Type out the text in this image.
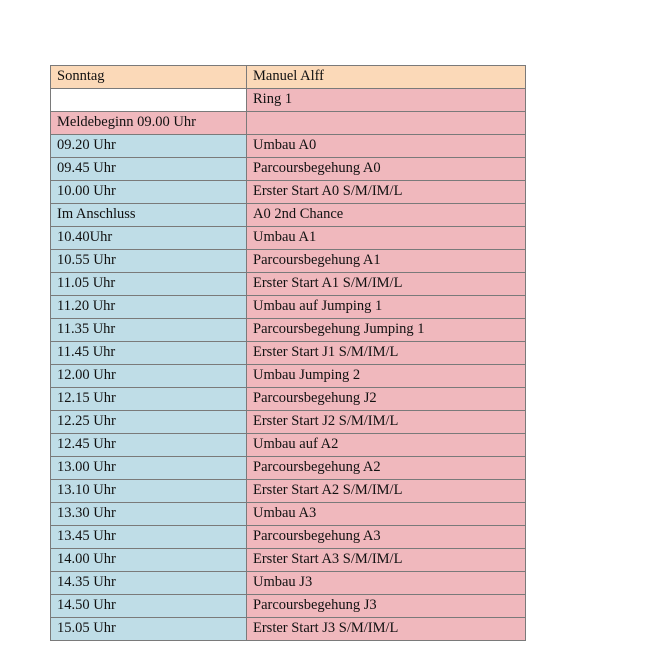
Sonntag	Manuel Alff
	Ring 1
Meldebeginn 09.00 Uhr	
09.20 Uhr	Umbau A0
09.45 Uhr	Parcoursbegehung A0
10.00 Uhr	Erster Start A0 S/M/IM/L
Im Anschluss	A0 2nd Chance
10.40Uhr	Umbau A1
10.55 Uhr	Parcoursbegehung A1
11.05 Uhr	Erster Start A1 S/M/IM/L
11.20 Uhr	Umbau auf Jumping 1
11.35 Uhr	Parcoursbegehung Jumping 1
11.45 Uhr	Erster Start J1 S/M/IM/L
12.00 Uhr	Umbau Jumping 2
12.15 Uhr	Parcoursbegehung J2
12.25 Uhr	Erster Start J2 S/M/IM/L
12.45 Uhr	Umbau auf A2
13.00 Uhr	Parcoursbegehung A2
13.10 Uhr	Erster Start A2 S/M/IM/L
13.30 Uhr	Umbau A3
13.45 Uhr	Parcoursbegehung A3
14.00 Uhr	Erster Start A3 S/M/IM/L
14.35 Uhr	Umbau J3
14.50 Uhr	Parcoursbegehung J3
15.05 Uhr	Erster Start J3 S/M/IM/L
